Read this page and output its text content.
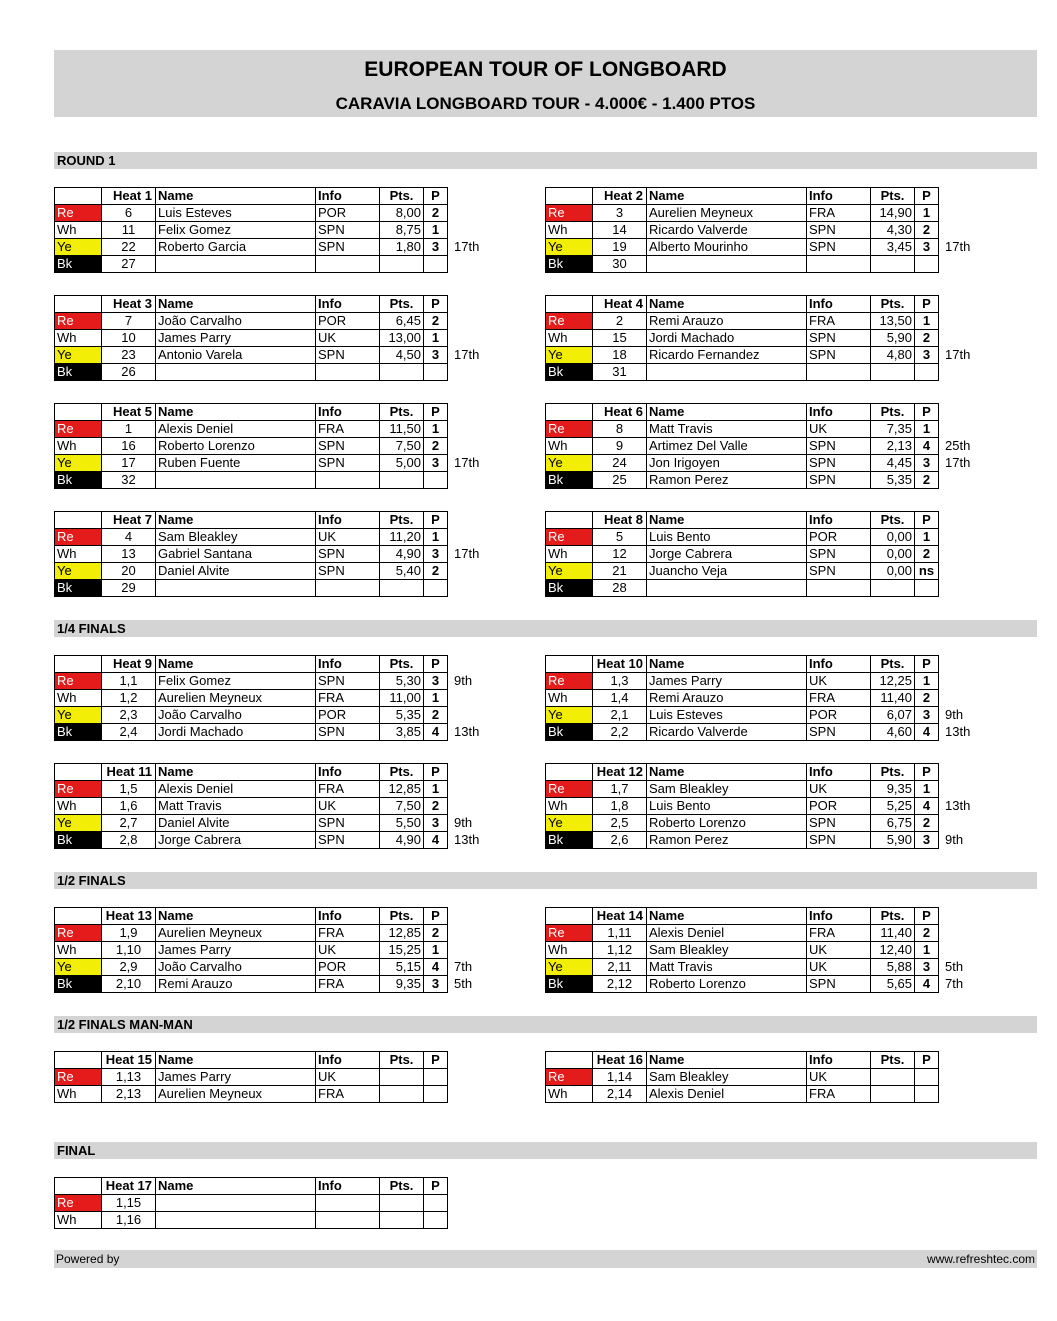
EUROPEAN TOUR OF LONGBOARD
CARAVIA LONGBOARD TOUR - 4.000€ - 1.400 PTOS
ROUND 1
	Heat 1	Name	Info	Pts.	P	
Re	6	Luis Esteves	POR	8,00	2	
Wh	11	Felix Gomez	SPN	8,75	1	
Ye	22	Roberto Garcia	SPN	1,80	3	17th
Bk	27					
	Heat 2	Name	Info	Pts.	P	
Re	3	Aurelien Meyneux	FRA	14,90	1	
Wh	14	Ricardo Valverde	SPN	4,30	2	
Ye	19	Alberto Mourinho	SPN	3,45	3	17th
Bk	30					
	Heat 3	Name	Info	Pts.	P	
Re	7	João Carvalho	POR	6,45	2	
Wh	10	James Parry	UK	13,00	1	
Ye	23	Antonio Varela	SPN	4,50	3	17th
Bk	26					
	Heat 4	Name	Info	Pts.	P	
Re	2	Remi Arauzo	FRA	13,50	1	
Wh	15	Jordi Machado	SPN	5,90	2	
Ye	18	Ricardo Fernandez	SPN	4,80	3	17th
Bk	31					
	Heat 5	Name	Info	Pts.	P	
Re	1	Alexis Deniel	FRA	11,50	1	
Wh	16	Roberto Lorenzo	SPN	7,50	2	
Ye	17	Ruben Fuente	SPN	5,00	3	17th
Bk	32					
	Heat 6	Name	Info	Pts.	P	
Re	8	Matt Travis	UK	7,35	1	
Wh	9	Artimez Del Valle	SPN	2,13	4	25th
Ye	24	Jon Irigoyen	SPN	4,45	3	17th
Bk	25	Ramon Perez	SPN	5,35	2	
	Heat 7	Name	Info	Pts.	P	
Re	4	Sam Bleakley	UK	11,20	1	
Wh	13	Gabriel Santana	SPN	4,90	3	17th
Ye	20	Daniel Alvite	SPN	5,40	2	
Bk	29					
	Heat 8	Name	Info	Pts.	P	
Re	5	Luis Bento	POR	0,00	1	
Wh	12	Jorge Cabrera	SPN	0,00	2	
Ye	21	Juancho Veja	SPN	0,00	ns	
Bk	28					
1/4 FINALS
	Heat 9	Name	Info	Pts.	P	
Re	1,1	Felix Gomez	SPN	5,30	3	9th
Wh	1,2	Aurelien Meyneux	FRA	11,00	1	
Ye	2,3	João Carvalho	POR	5,35	2	
Bk	2,4	Jordi Machado	SPN	3,85	4	13th
	Heat 10	Name	Info	Pts.	P	
Re	1,3	James Parry	UK	12,25	1	
Wh	1,4	Remi Arauzo	FRA	11,40	2	
Ye	2,1	Luis Esteves	POR	6,07	3	9th
Bk	2,2	Ricardo Valverde	SPN	4,60	4	13th
	Heat 11	Name	Info	Pts.	P	
Re	1,5	Alexis Deniel	FRA	12,85	1	
Wh	1,6	Matt Travis	UK	7,50	2	
Ye	2,7	Daniel Alvite	SPN	5,50	3	9th
Bk	2,8	Jorge Cabrera	SPN	4,90	4	13th
	Heat 12	Name	Info	Pts.	P	
Re	1,7	Sam Bleakley	UK	9,35	1	
Wh	1,8	Luis Bento	POR	5,25	4	13th
Ye	2,5	Roberto Lorenzo	SPN	6,75	2	
Bk	2,6	Ramon Perez	SPN	5,90	3	9th
1/2 FINALS
	Heat 13	Name	Info	Pts.	P	
Re	1,9	Aurelien Meyneux	FRA	12,85	2	
Wh	1,10	James Parry	UK	15,25	1	
Ye	2,9	João Carvalho	POR	5,15	4	7th
Bk	2,10	Remi Arauzo	FRA	9,35	3	5th
	Heat 14	Name	Info	Pts.	P	
Re	1,11	Alexis Deniel	FRA	11,40	2	
Wh	1,12	Sam Bleakley	UK	12,40	1	
Ye	2,11	Matt Travis	UK	5,88	3	5th
Bk	2,12	Roberto Lorenzo	SPN	5,65	4	7th
1/2 FINALS MAN-MAN
	Heat 15	Name	Info	Pts.	P	
Re	1,13	James Parry	UK			
Wh	2,13	Aurelien Meyneux	FRA			
	Heat 16	Name	Info	Pts.	P	
Re	1,14	Sam Bleakley	UK			
Wh	2,14	Alexis Deniel	FRA			
FINAL
	Heat 17	Name	Info	Pts.	P	
Re	1,15					
Wh	1,16					
Powered by	www.refreshtec.com
